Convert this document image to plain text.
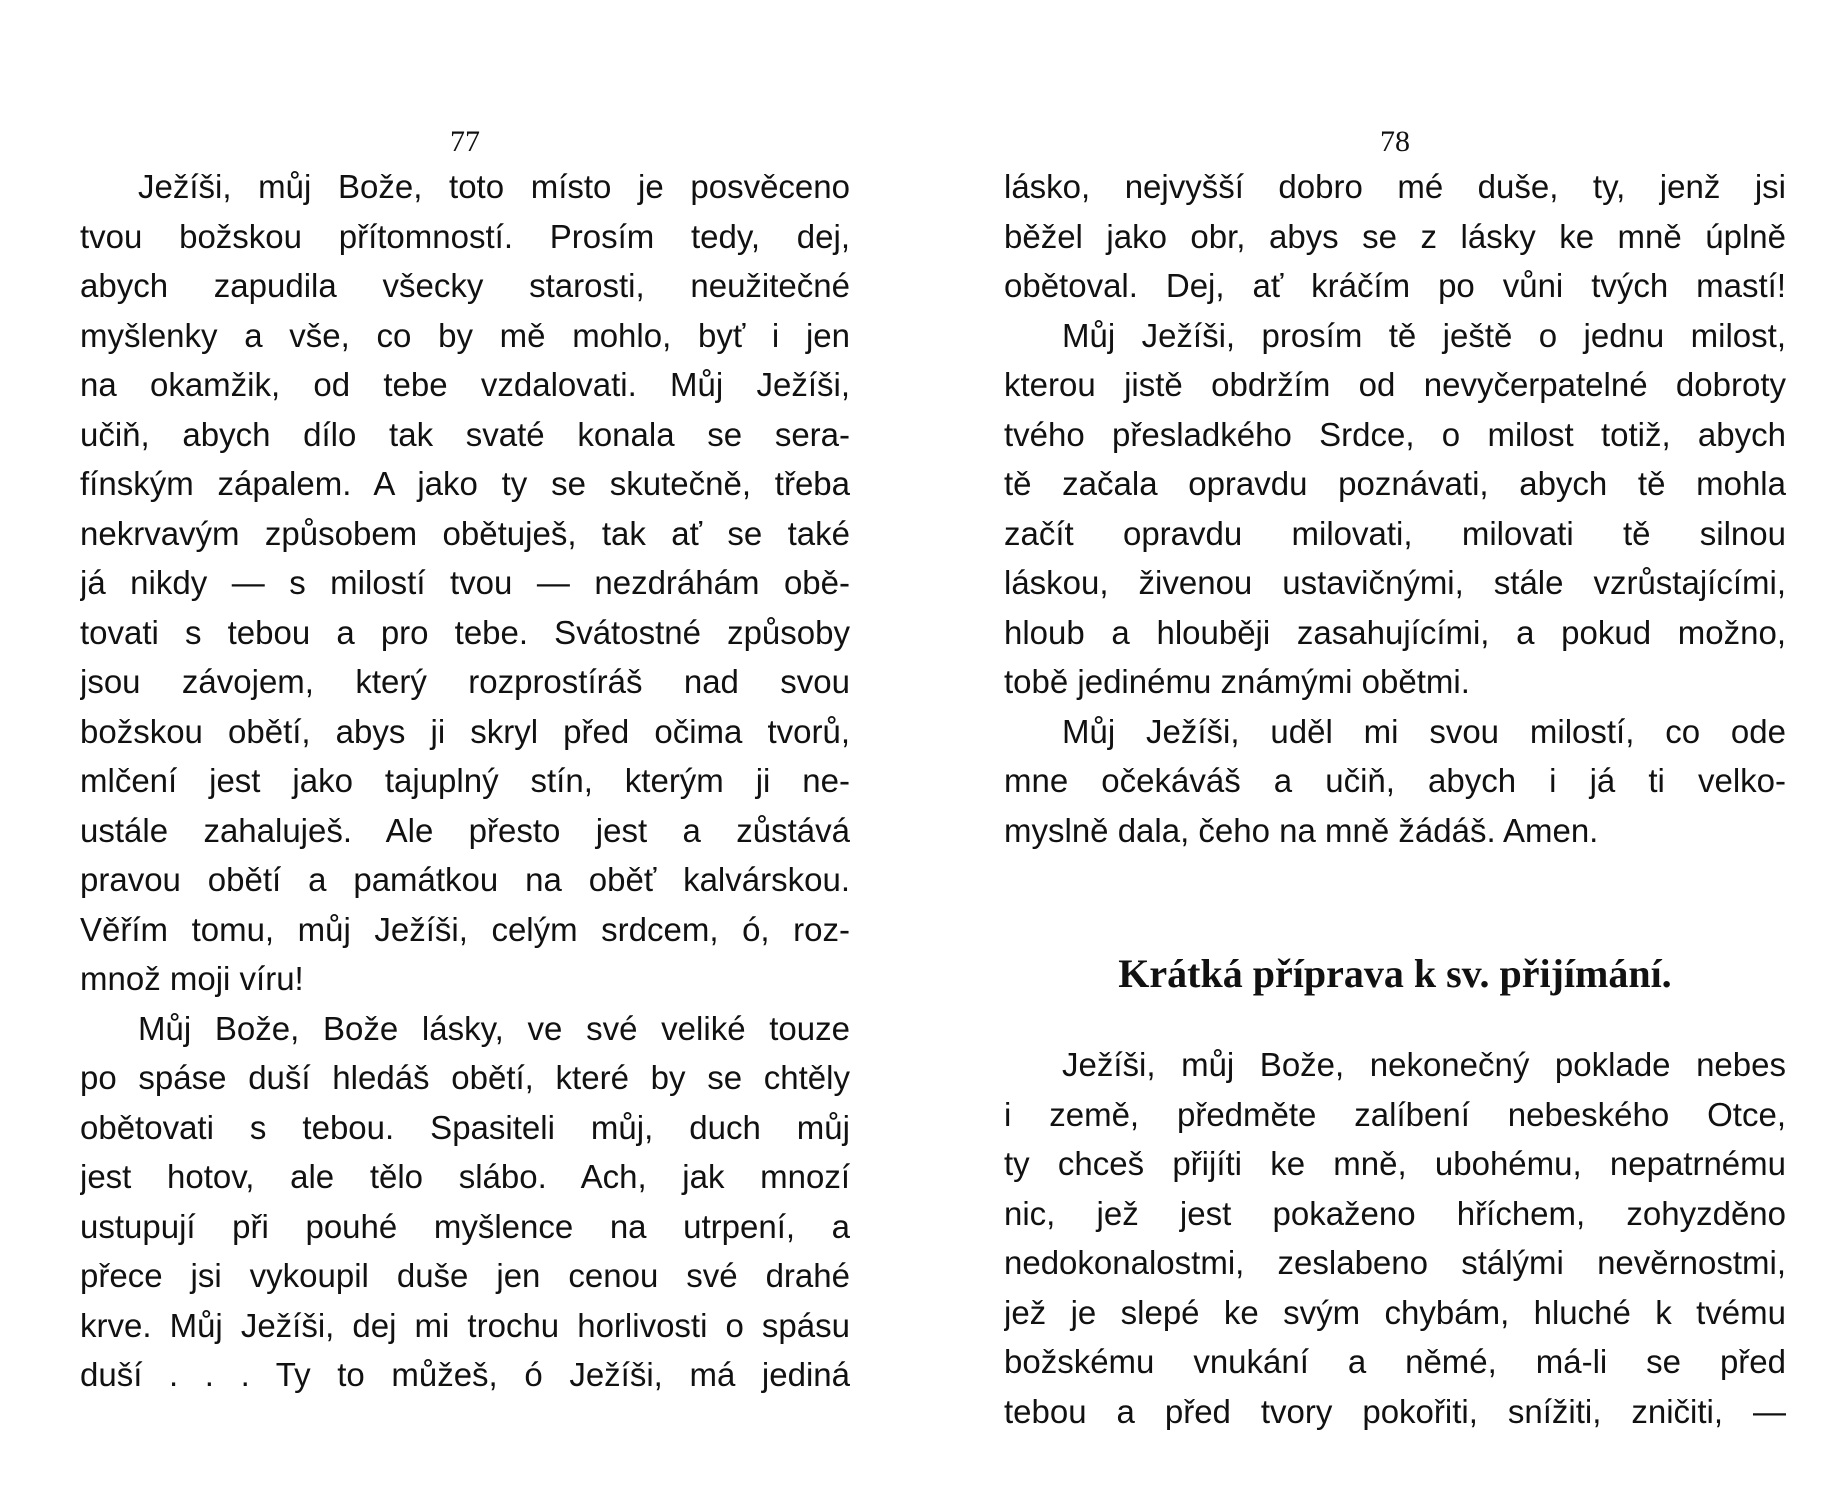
77
Ježíši, můj Bože, toto místo je posvěceno
tvou božskou přítomností. Prosím tedy, dej,
abych zapudila všecky starosti, neužitečné
myšlenky a vše, co by mě mohlo, byť i jen
na okamžik, od tebe vzdalovati. Můj Ježíši,
učiň, abych dílo tak svaté konala se sera-
fínským zápalem. A jako ty se skutečně, třeba
nekrvavým způsobem obětuješ, tak ať se také
já nikdy — s milostí tvou — nezdráhám obě-
tovati s tebou a pro tebe. Svátostné způsoby
jsou závojem, který rozprostíráš nad svou
božskou obětí, abys ji skryl před očima tvorů,
mlčení jest jako tajuplný stín, kterým ji ne-
ustále zahaluješ. Ale přesto jest a zůstává
pravou obětí a památkou na oběť kalvárskou.
Věřím tomu, můj Ježíši, celým srdcem, ó, roz-
množ moji víru!
Můj Bože, Bože lásky, ve své veliké touze
po spáse duší hledáš obětí, které by se chtěly
obětovati s tebou. Spasiteli můj, duch můj
jest hotov, ale tělo slábo. Ach, jak mnozí
ustupují při pouhé myšlence na utrpení, a
přece jsi vykoupil duše jen cenou své drahé
krve. Můj Ježíši, dej mi trochu horlivosti o spásu
duší . . . Ty to můžeš, ó Ježíši, má jediná
78
lásko, nejvyšší dobro mé duše, ty, jenž jsi
běžel jako obr, abys se z lásky ke mně úplně
obětoval. Dej, ať kráčím po vůni tvých mastí!
Můj Ježíši, prosím tě ještě o jednu milost,
kterou jistě obdržím od nevyčerpatelné dobroty
tvého přesladkého Srdce, o milost totiž, abych
tě začala opravdu poznávati, abych tě mohla
začít opravdu milovati, milovati tě silnou
láskou, živenou ustavičnými, stále vzrůstajícími,
hloub a hlouběji zasahujícími, a pokud možno,
tobě jedinému známými obětmi.
Můj Ježíši, uděl mi svou milostí, co ode
mne očekáváš a učiň, abych i já ti velko-
myslně dala, čeho na mně žádáš. Amen.
Krátká příprava k sv. přijímání.
Ježíši, můj Bože, nekonečný poklade nebes
i země, předměte zalíbení nebeského Otce,
ty chceš přijíti ke mně, ubohému, nepatrnému
nic, jež jest pokaženo hříchem, zohyzděno
nedokonalostmi, zeslabeno stálými nevěrnostmi,
jež je slepé ke svým chybám, hluché k tvému
božskému vnukání a němé, má-li se před
tebou a před tvory pokořiti, snížiti, zničiti, —
